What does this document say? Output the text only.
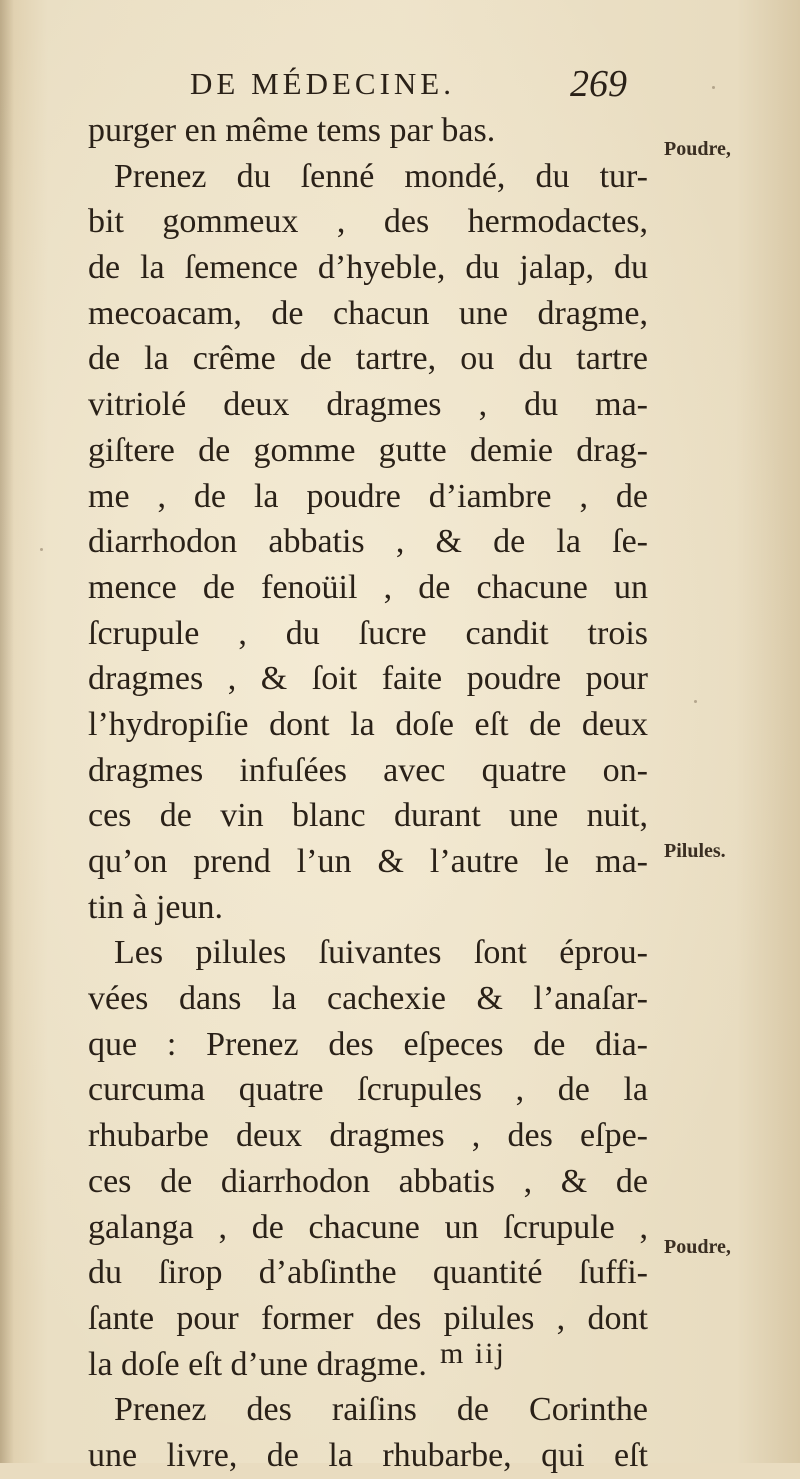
DE MÉDECINE.	269
purger en même tems par bas.
Prenez du ſenné mondé, du tur-
bit gommeux , des hermodactes,
de la ſemence d’hyeble, du jalap, du
mecoacam, de chacun une dragme,
de la crême de tartre, ou du tartre
vitriolé deux dragmes , du ma-
giſtere de gomme gutte demie drag-
me , de la poudre d’iambre , de
diarrhodon abbatis , & de la ſe-
mence de fenoüil , de chacune un
ſcrupule , du ſucre candit trois
dragmes , & ſoit faite poudre pour
l’hydropiſie dont la doſe eſt de deux
dragmes infuſées avec quatre on-
ces de vin blanc durant une nuit,
qu’on prend l’un & l’autre le ma-
tin à jeun.
Les pilules ſuivantes ſont éprou-
vées dans la cachexie & l’anaſar-
que : Prenez des eſpeces de dia-
curcuma quatre ſcrupules , de la
rhubarbe deux dragmes , des eſpe-
ces de diarrhodon abbatis , & de
galanga , de chacune un ſcrupule ,
du ſirop d’abſinthe quantité ſuffi-
ſante pour former des pilules , dont
la doſe eſt d’une dragme.
Prenez des raiſins de Corinthe
une livre, de la rhubarbe, qui eſt
m iij
Poudre,
Pilules.
Poudre,
